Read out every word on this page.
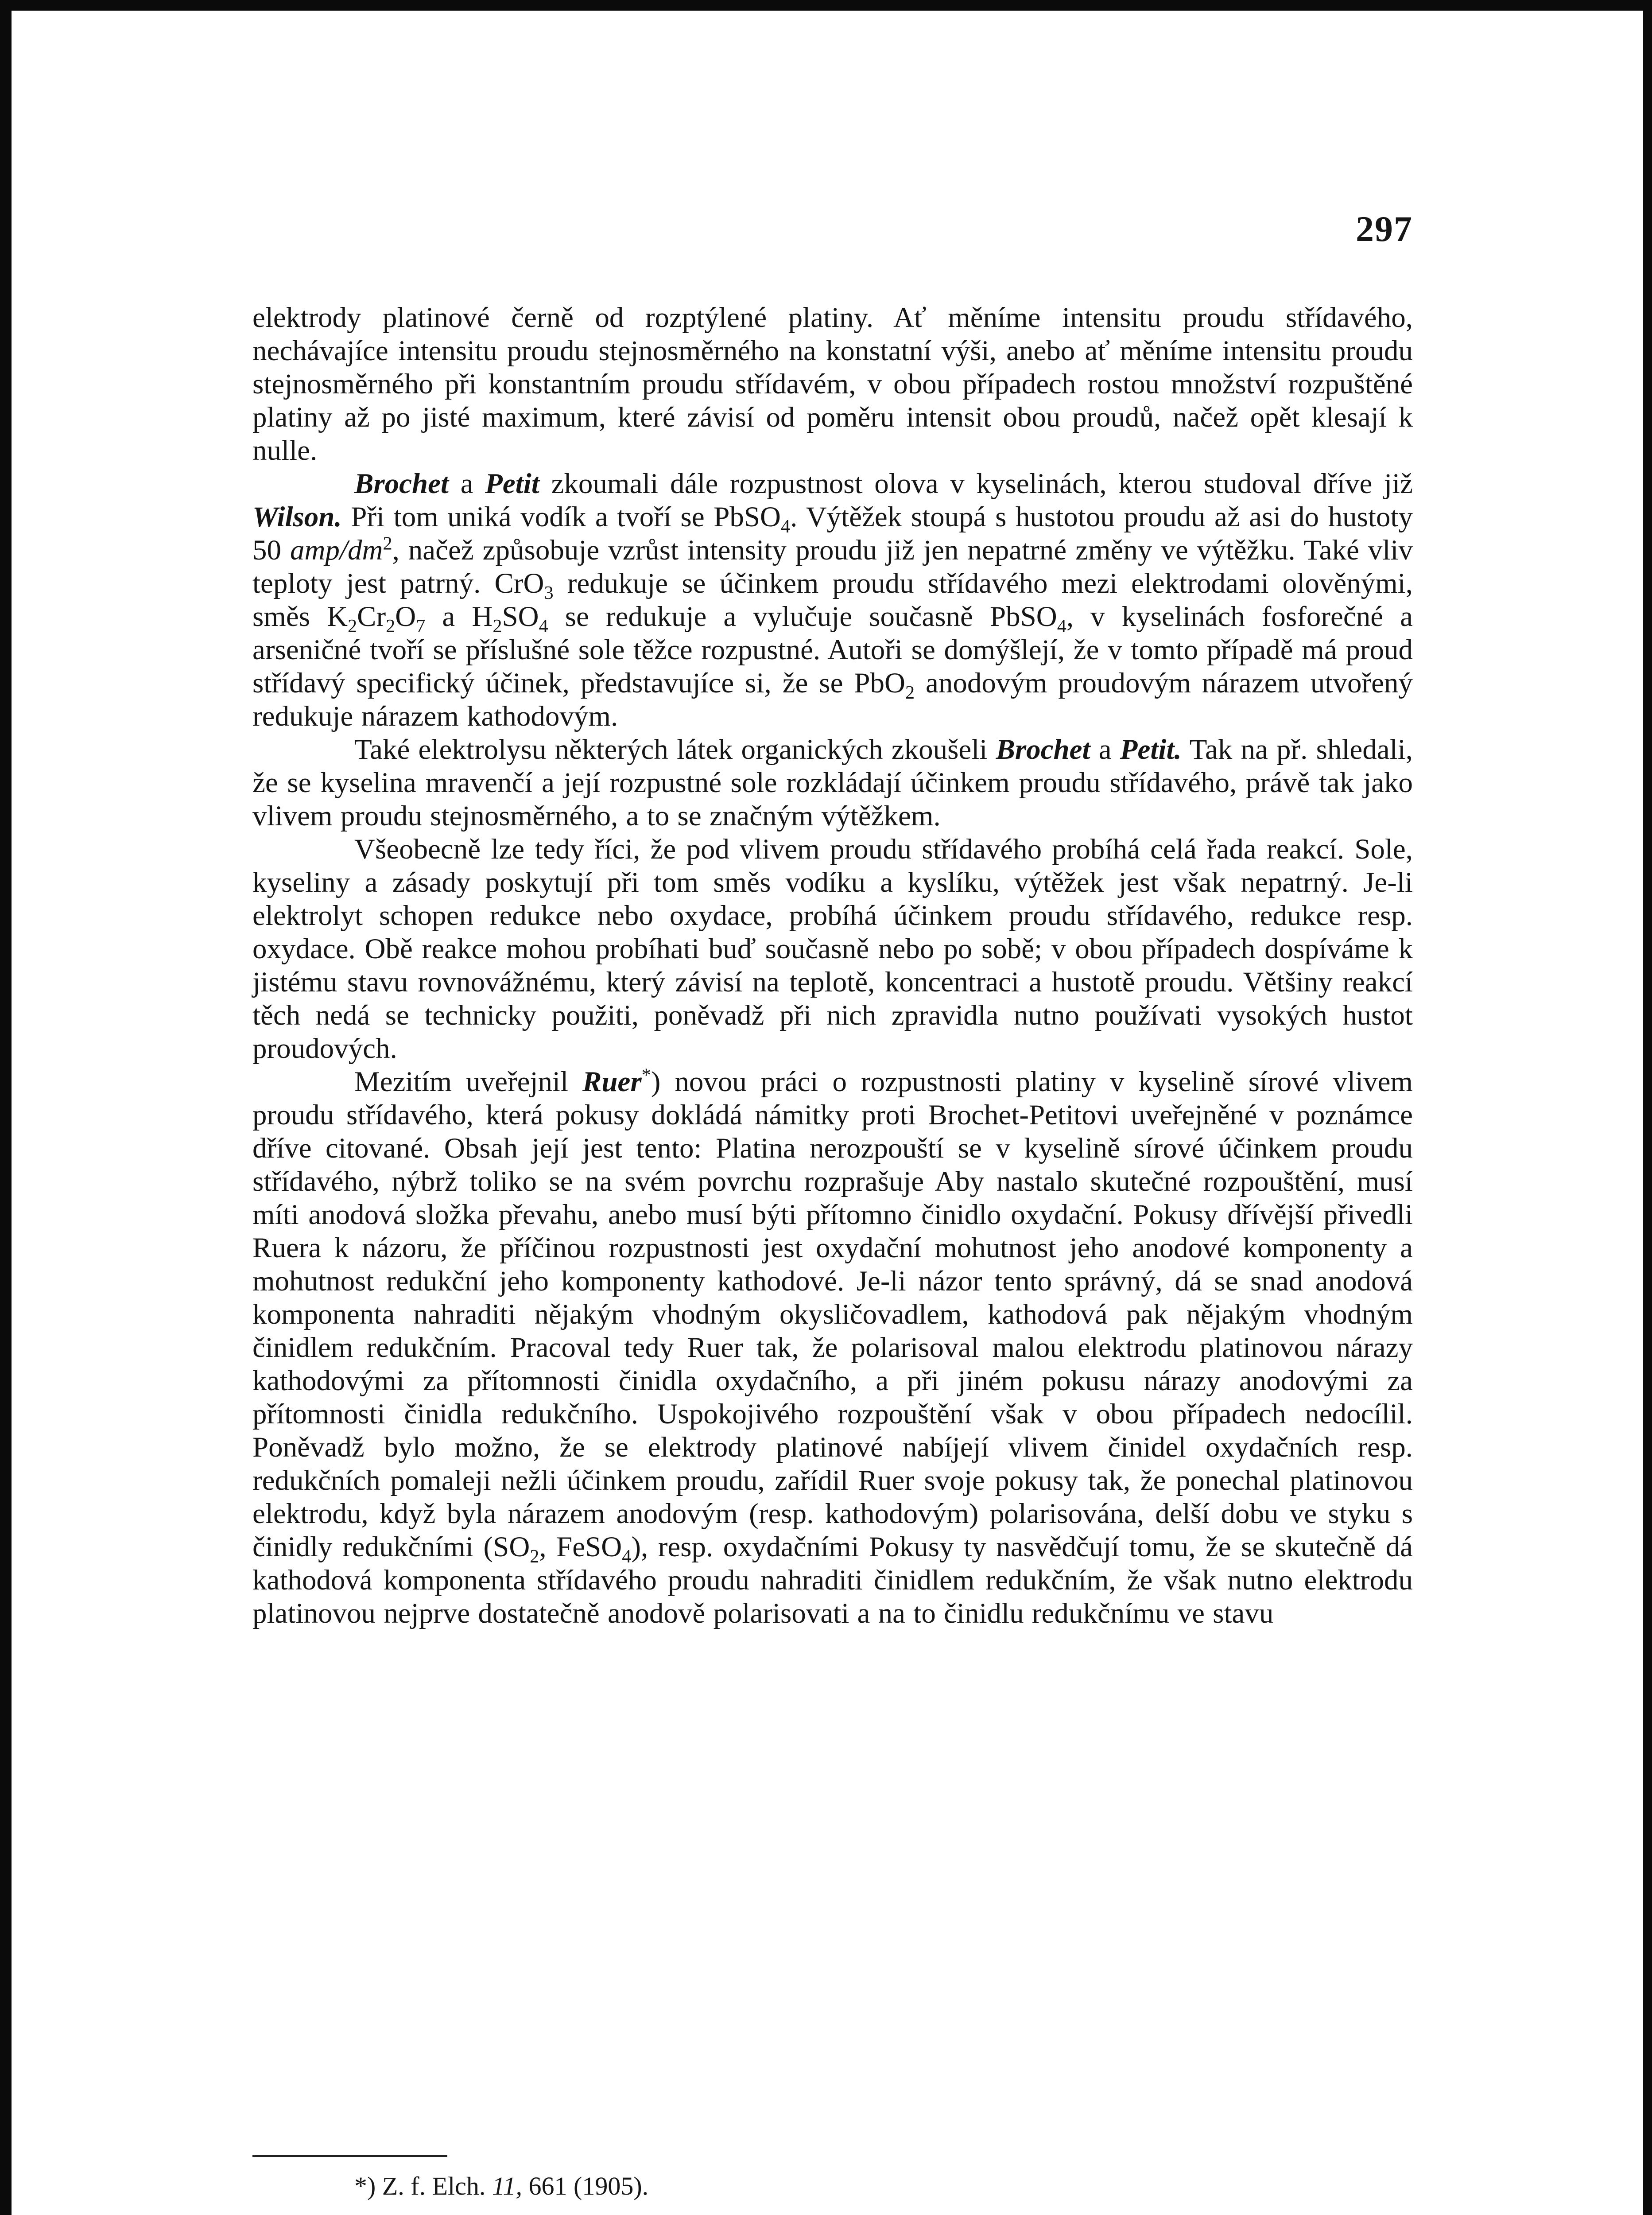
297

elektrody platinové černě od rozptýlené platiny. Ať měníme intensitu proudu střídavého, nechávajíce intensitu proudu stejnosměrného na konstatní výši, anebo ať měníme intensitu proudu stejnosměrného při konstantním proudu střídavém, v obou případech rostou množství rozpuštěné platiny až po jisté maximum, které závisí od poměru intensit obou proudů, načež opět klesají k nulle.

Brochet a Petit zkoumali dále rozpustnost olova v kyselinách, kterou studoval dříve již Wilson. Při tom uniká vodík a tvoří se PbSO$_4$. Výtěžek stoupá s hustotou proudu až asi do hustoty 50 amp/$dm^2$, načež způsobuje vzrůst intensity proudu již jen nepatrné změny ve výtěžku. Také vliv teploty jest patrný. CrO$_3$ redukuje se účinkem proudu střídavého mezi elektrodami olověnými, směs $K_2Cr_2O_7$ a $H_2SO_4$ se redukuje a vylučuje současně PbSO$_4$, v kyselinách fosforečné a arseničné tvoří se příslušné sole těžce rozpustné. Autoři se domýšlejí, že v tomto případě má proud střídavý specifický účinek, představujíce si, že se PbO$_2$ anodovým proudovým nárazem utvořený redukuje nárazem kathodovým.

Také elektrolysu některých látek organických zkoušeli Brochet a Petit. Tak na př. shledali, že se kyselina mravenčí a její rozpustné sole rozkládají účinkem proudu střídavého, právě tak jako vlivem proudu stejnosměrného, a to se značným výtěžkem.

Všeobecně lze tedy říci, že pod vlivem proudu střídavého probíhá celá řada reakcí. Sole, kyseliny a zásady poskytují při tom směs vodíku a kyslíku, výtěžek jest však nepatrný. Je-li elektrolyt schopen redukce nebo oxydace, probíhá účinkem proudu střídavého, redukce resp. oxydace. Obě reakce mohou probíhati buď současně nebo po sobě; v obou případech dospíváme k jistému stavu rovnovážnému, který závisí na teplotě, koncentraci a hustotě proudu. Většiny reakcí těch nedá se technicky použiti, poněvadž při nich zpravidla nutno používati vysokých hustot proudových.

Mezitím uveřejnil Ruer*) novou práci o rozpustnosti platiny v kyselině sírové vlivem proudu střídavého, která pokusy dokládá námitky proti Brochet-Petitovi uveřejněné v poznámce dříve citované. Obsah její jest tento: Platina nerozpouští se v kyselině sírové účinkem proudu střídavého, nýbrž toliko se na svém povrchu rozprašuje Aby nastalo skutečné rozpouštění, musí míti anodová složka převahu, anebo musí býti přítomno činidlo oxydační. Pokusy dřívější přivedli Ruera k názoru, že příčinou rozpustnosti jest oxydační mohutnost jeho anodové komponenty a mohutnost redukční jeho komponenty kathodové. Je-li názor tento správný, dá se snad anodová komponenta nahraditi nějakým vhodným okysličovadlem, kathodová pak nějakým vhodným činidlem redukčním. Pracoval tedy Ruer tak, že polarisoval malou elektrodu platinovou nárazy kathodovými za přítomnosti činidla oxydačního, a při jiném pokusu nárazy anodovými za přítomnosti činidla redukčního. Uspokojivého rozpouštění však v obou případech nedocílil. Poněvadž bylo možno, že se elektrody platinové nabíjejí vlivem činidel oxydačních resp. redukčních pomaleji nežli účinkem proudu, zařídil Ruer svoje pokusy tak, že ponechal platinovou elektrodu, když byla nárazem anodovým (resp. kathodovým) polarisována, delší dobu ve styku s činidly redukčními ($SO_2$, FeSO$_4$), resp. oxydačními Pokusy ty nasvědčují tomu, že se skutečně dá kathodová komponenta střídavého proudu nahraditi činidlem redukčním, že však nutno elektrodu platinovou nejprve dostatečně anodově polarisovati a na to činidlu redukčnímu ve stavu

*) Z. f. Elch. 11, 661 (1905).
